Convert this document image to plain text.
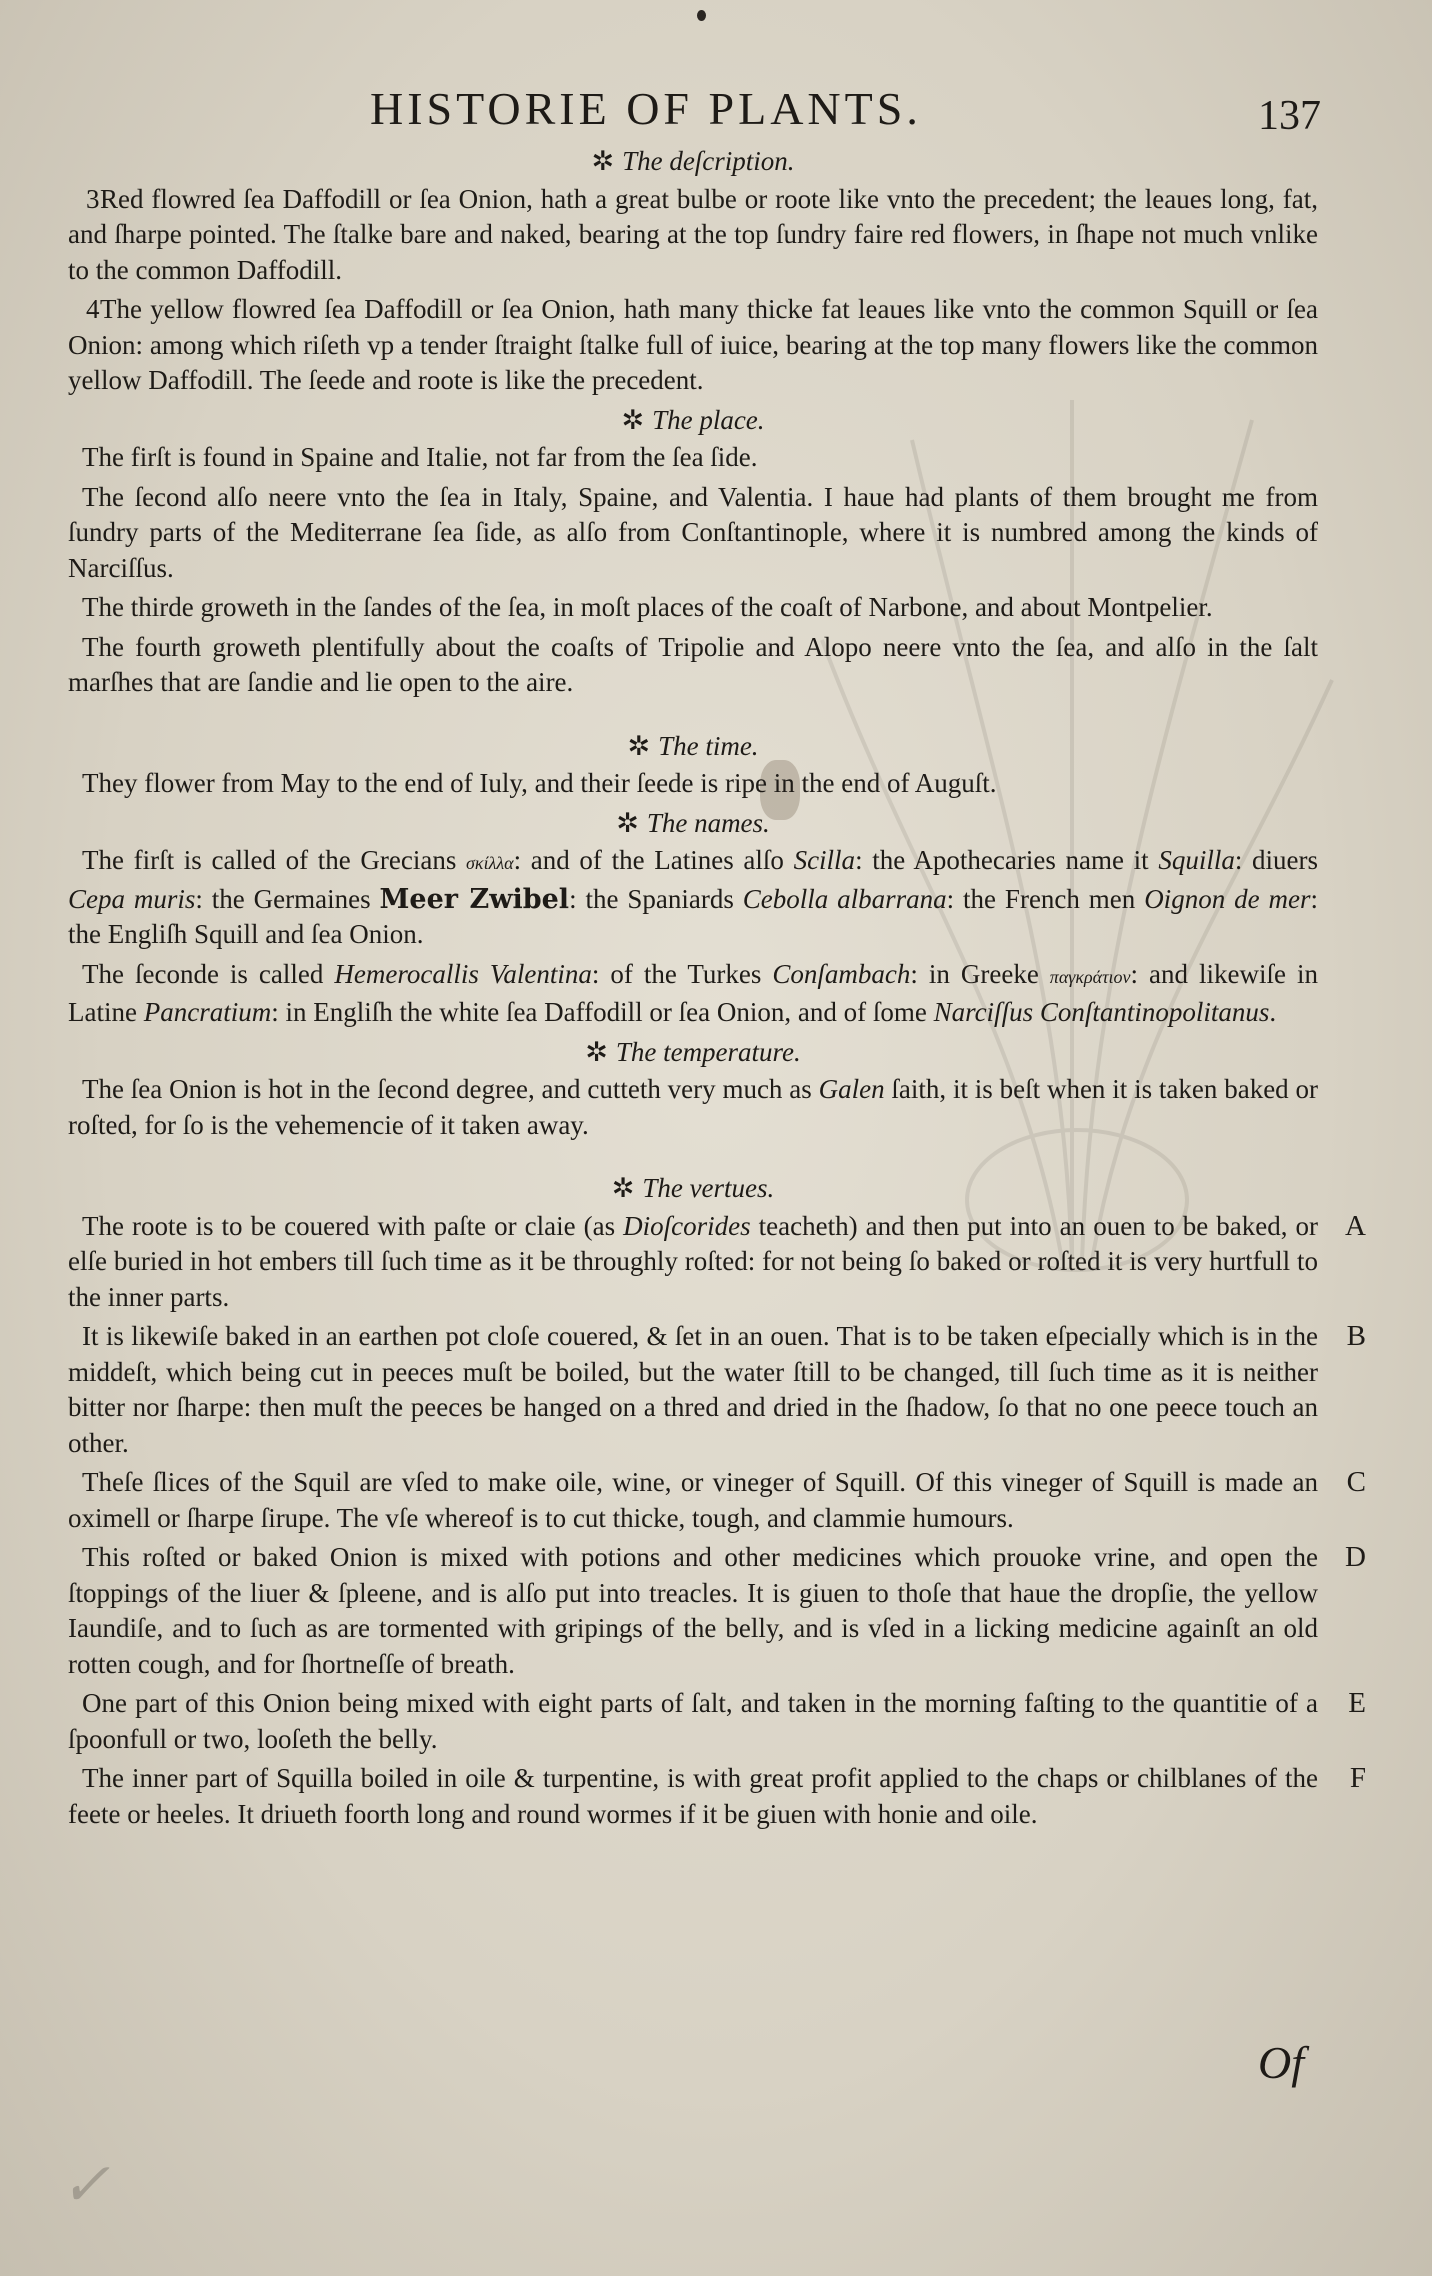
HISTORIE OF PLANTS.	137
✲ The deſcription.

3Red flowred ſea Daffodill or ſea Onion, hath a great bulbe or roote like vnto the precedent; the leaues long, fat, and ſharpe pointed. The ſtalke bare and naked, bearing at the top ſundry faire red flowers, in ſhape not much vnlike to the common Daffodill.

4The yellow flowred ſea Daffodill or ſea Onion, hath many thicke fat leaues like vnto the common Squill or ſea Onion: among which riſeth vp a tender ſtraight ſtalke full of iuice, bearing at the top many flowers like the common yellow Daffodill. The ſeede and roote is like the precedent.

✲ The place.

The firſt is found in Spaine and Italie, not far from the ſea ſide.

The ſecond alſo neere vnto the ſea in Italy, Spaine, and Valentia. I haue had plants of them brought me from ſundry parts of the Mediterrane ſea ſide, as alſo from Conſtantinople, where it is numbred among the kinds of Narciſſus.

The thirde groweth in the ſandes of the ſea, in moſt places of the coaſt of Narbone, and about Montpelier.

The fourth groweth plentifully about the coaſts of Tripolie and Alopo neere vnto the ſea, and alſo in the ſalt marſhes that are ſandie and lie open to the aire.

✲ The time.

They flower from May to the end of Iuly, and their ſeede is ripe in the end of Auguſt.

✲ The names.

The firſt is called of the Grecians σκίλλα: and of the Latines alſo Scilla: the Apothecaries name it Squilla: diuers Cepa muris: the Germaines Meer Zwibel: the Spaniards Cebolla albarrana: the French men Oignon de mer: the Engliſh Squill and ſea Onion.

The ſeconde is called Hemerocallis Valentina: of the Turkes Conſambach: in Greeke παγκράτιον: and likewiſe in Latine Pancratium: in Engliſh the white ſea Daffodill or ſea Onion, and of ſome Narciſſus Conſtantinopolitanus.

✲ The temperature.

The ſea Onion is hot in the ſecond degree, and cutteth very much as Galen ſaith, it is beſt when it is taken baked or roſted, for ſo is the vehemencie of it taken away.

✲ The vertues.

The roote is to be couered with paſte or claie (as Dioſcorides teacheth) and then put into an ouen to be baked, or elſe buried in hot embers till ſuch time as it be throughly roſted: for not being ſo baked or roſted it is very hurtfull to the inner parts.
A

It is likewiſe baked in an earthen pot cloſe couered, & ſet in an ouen. That is to be taken eſpecially which is in the middeſt, which being cut in peeces muſt be boiled, but the water ſtill to be changed, till ſuch time as it is neither bitter nor ſharpe: then muſt the peeces be hanged on a thred and dried in the ſhadow, ſo that no one peece touch an other.
B

Theſe ſlices of the Squil are vſed to make oile, wine, or vineger of Squill. Of this vineger of Squill is made an oximell or ſharpe ſirupe. The vſe whereof is to cut thicke, tough, and clammie humours.
C

This roſted or baked Onion is mixed with potions and other medicines which prouoke vrine, and open the ſtoppings of the liuer & ſpleene, and is alſo put into treacles. It is giuen to thoſe that haue the dropſie, the yellow Iaundiſe, and to ſuch as are tormented with gripings of the belly, and is vſed in a licking medicine againſt an old rotten cough, and for ſhortneſſe of breath.
D

One part of this Onion being mixed with eight parts of ſalt, and taken in the morning faſting to the quantitie of a ſpoonfull or two, looſeth the belly.
E

The inner part of Squilla boiled in oile & turpentine, is with great profit applied to the chaps or chilblanes of the feete or heeles. It driueth foorth long and round wormes if it be giuen with honie and oile.
F

Of
✓
